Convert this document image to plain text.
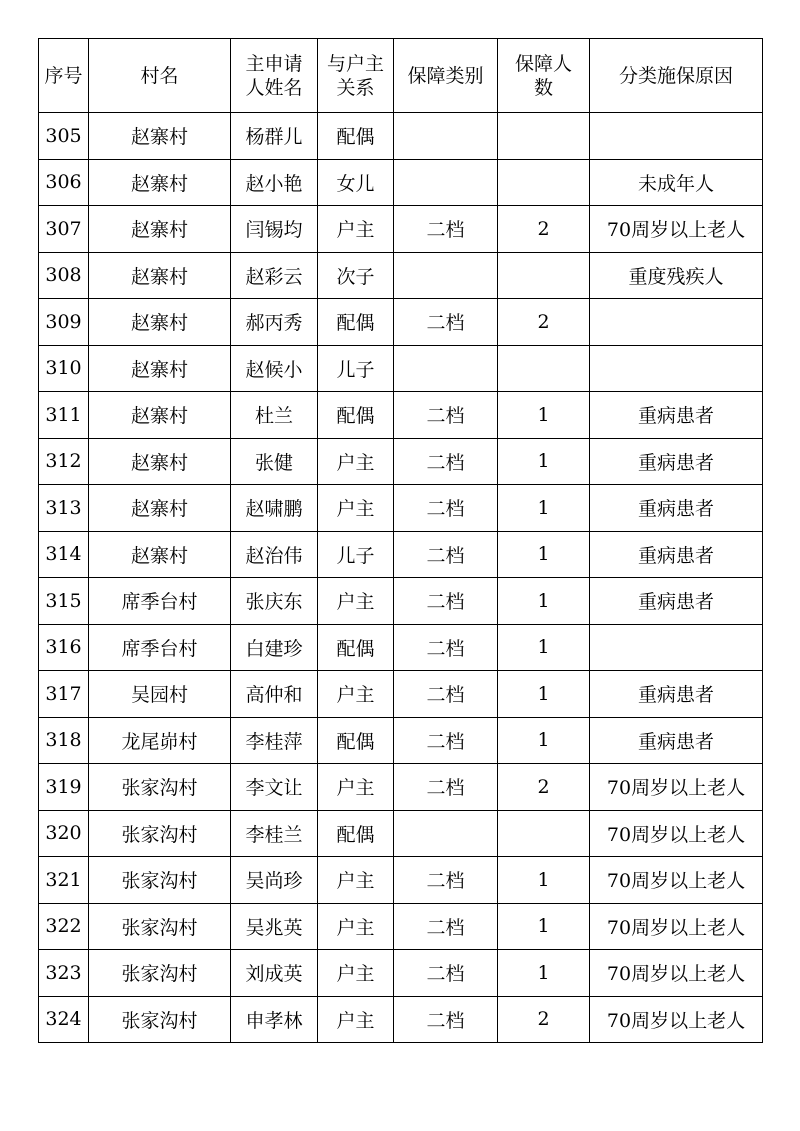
序号	村名	主申请人姓名	与户主关系	保障类别	保障人数	分类施保原因
305	赵寨村	杨群儿	配偶			
306	赵寨村	赵小艳	女儿			未成年人
307	赵寨村	闫锡均	户主	二档	2	70周岁以上老人
308	赵寨村	赵彩云	次子			重度残疾人
309	赵寨村	郝丙秀	配偶	二档	2	
310	赵寨村	赵候小	儿子			
311	赵寨村	杜兰	配偶	二档	1	重病患者
312	赵寨村	张健	户主	二档	1	重病患者
313	赵寨村	赵啸鹏	户主	二档	1	重病患者
314	赵寨村	赵治伟	儿子	二档	1	重病患者
315	席季台村	张庆东	户主	二档	1	重病患者
316	席季台村	白建珍	配偶	二档	1	
317	吴园村	高仲和	户主	二档	1	重病患者
318	龙尾峁村	李桂萍	配偶	二档	1	重病患者
319	张家沟村	李文让	户主	二档	2	70周岁以上老人
320	张家沟村	李桂兰	配偶			70周岁以上老人
321	张家沟村	吴尚珍	户主	二档	1	70周岁以上老人
322	张家沟村	吴兆英	户主	二档	1	70周岁以上老人
323	张家沟村	刘成英	户主	二档	1	70周岁以上老人
324	张家沟村	申孝林	户主	二档	2	70周岁以上老人
